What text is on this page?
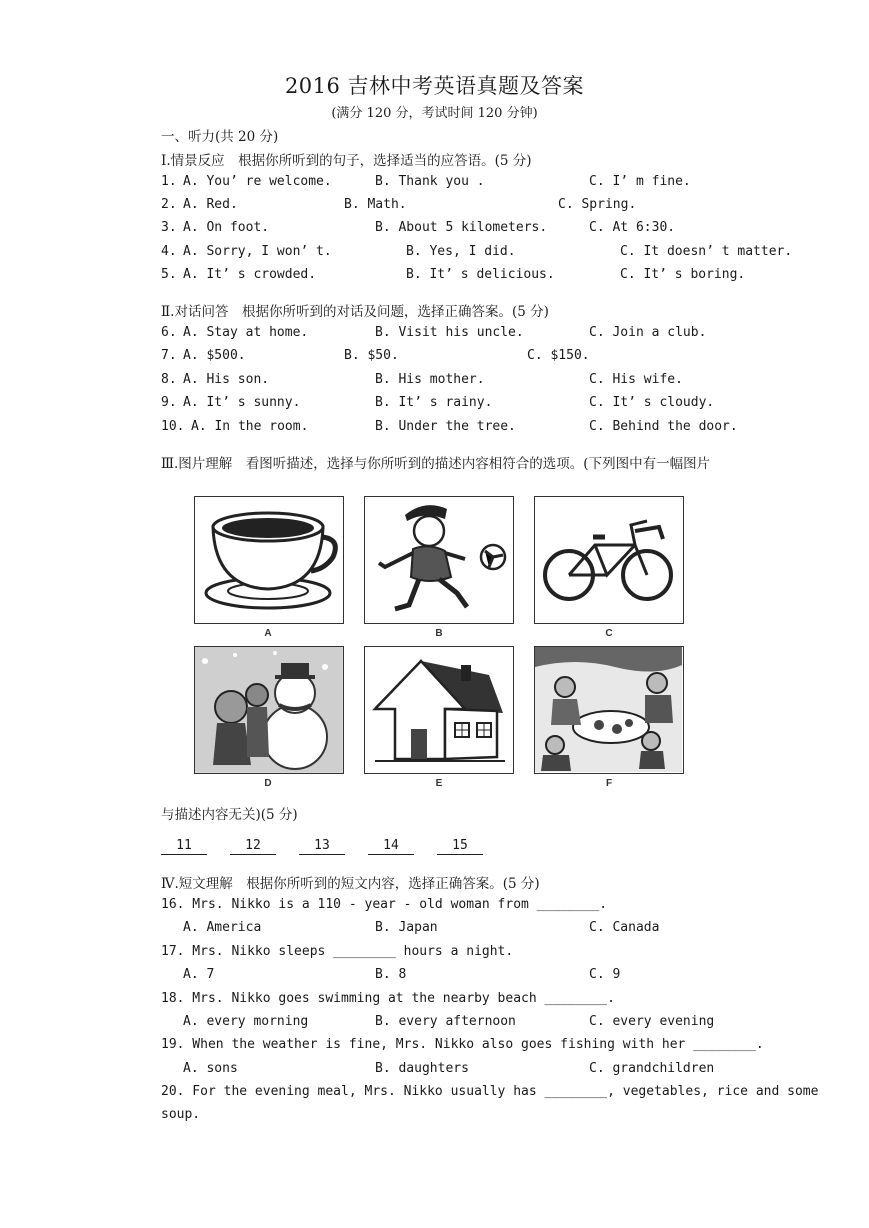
2016 吉林中考英语真题及答案
(满分 120 分，考试时间 120 分钟)
一、听力(共 20 分)
Ⅰ.情景反应　根据你所听到的句子，选择适当的应答语。(5 分)
1. A. You’ re welcome.	B. Thank you .	C. I’ m fine.
2. A. Red.	B. Math.	C. Spring.
3. A. On foot.	B. About 5 kilometers.	C. At 6:30.
4. A. Sorry, I won’ t.	B. Yes, I did.	C. It doesn’ t matter.
5. A. It’ s crowded.	B. It’ s delicious.	C. It’ s boring.
Ⅱ.对话问答　根据你所听到的对话及问题，选择正确答案。(5 分)
6. A. Stay at home.	B. Visit his uncle.	C. Join a club.
7. A. $500.	B. $50.	C. $150.
8. A. His son.	B. His mother.	C. His wife.
9. A. It’ s sunny.	B. It’ s rainy.	C. It’ s cloudy.
10. A. In the room.	B. Under the tree.	C. Behind the door.
Ⅲ.图片理解　看图听描述，选择与你所听到的描述内容相符合的选项。(下列图中有一幅图片
A	B	C
D	E	F
与描述内容无关)(5 分)
11	12	13	14	15
Ⅳ.短文理解　根据你所听到的短文内容，选择正确答案。(5 分)
16. Mrs. Nikko is a 110 - year - old woman from ________.
A. America	B. Japan	C. Canada
17. Mrs. Nikko sleeps ________ hours a night.
A. 7	B. 8	C. 9
18. Mrs. Nikko goes swimming at the nearby beach ________.
A. every morning	B. every afternoon	C. every evening
19. When the weather is fine, Mrs. Nikko also goes fishing with her ________.
A. sons	B. daughters	C. grandchildren
20. For the evening meal, Mrs. Nikko usually has ________, vegetables, rice and some
soup.
